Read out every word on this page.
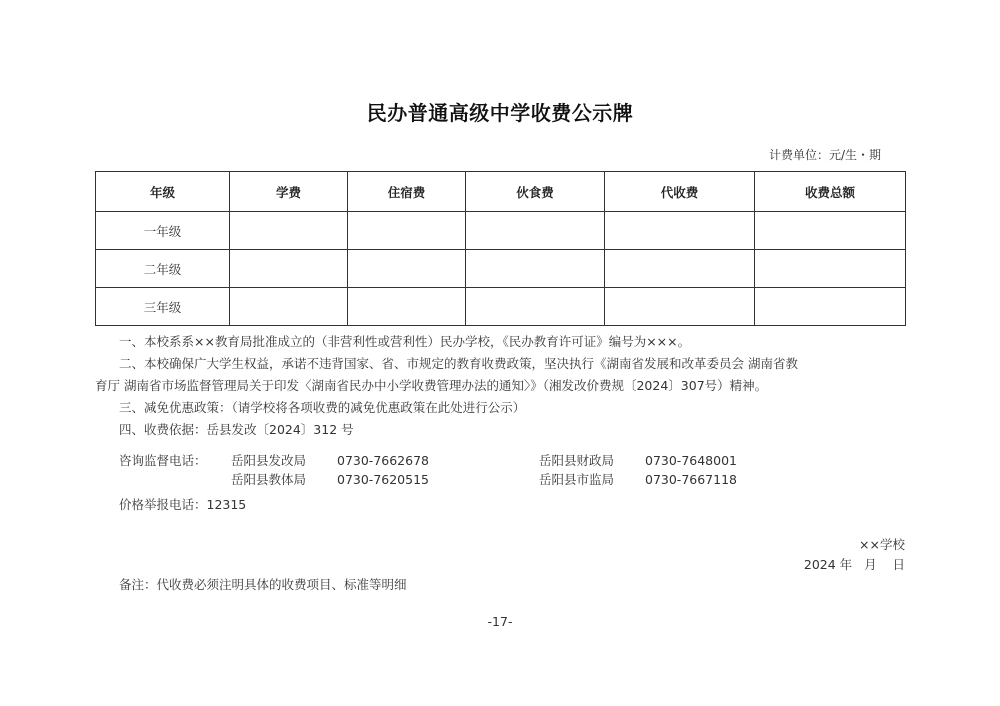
民办普通高级中学收费公示牌
计费单位：元/生・期
年级	学费	住宿费	伙食费	代收费	收费总额
一年级					
二年级					
三年级					

一、本校系系××教育局批准成立的（非营利性或营利性）民办学校，《民办教育许可证》编号为×××。

二、本校确保广大学生权益，承诺不违背国家、省、市规定的教育收费政策，坚决执行《湖南省发展和改革委员会 湖南省教

育厅 湖南省市场监督管理局关于印发〈湖南省民办中小学收费管理办法的通知〉》（湘发改价费规〔2024〕307号）精神。

三、减免优惠政策：（请学校将各项收费的减免优惠政策在此处进行公示）

四、收费依据：岳县发改〔2024〕312 号

咨询监督电话： 岳阳县发改局 0730-7662678	岳阳县财政局 0730-7648001
岳阳县教体局 0730-7620515	岳阳县市监局 0730-7667118
价格举报电话：12315
××学校
2024 年   月    日
备注：代收费必须注明具体的收费项目、标准等明细
-17-
